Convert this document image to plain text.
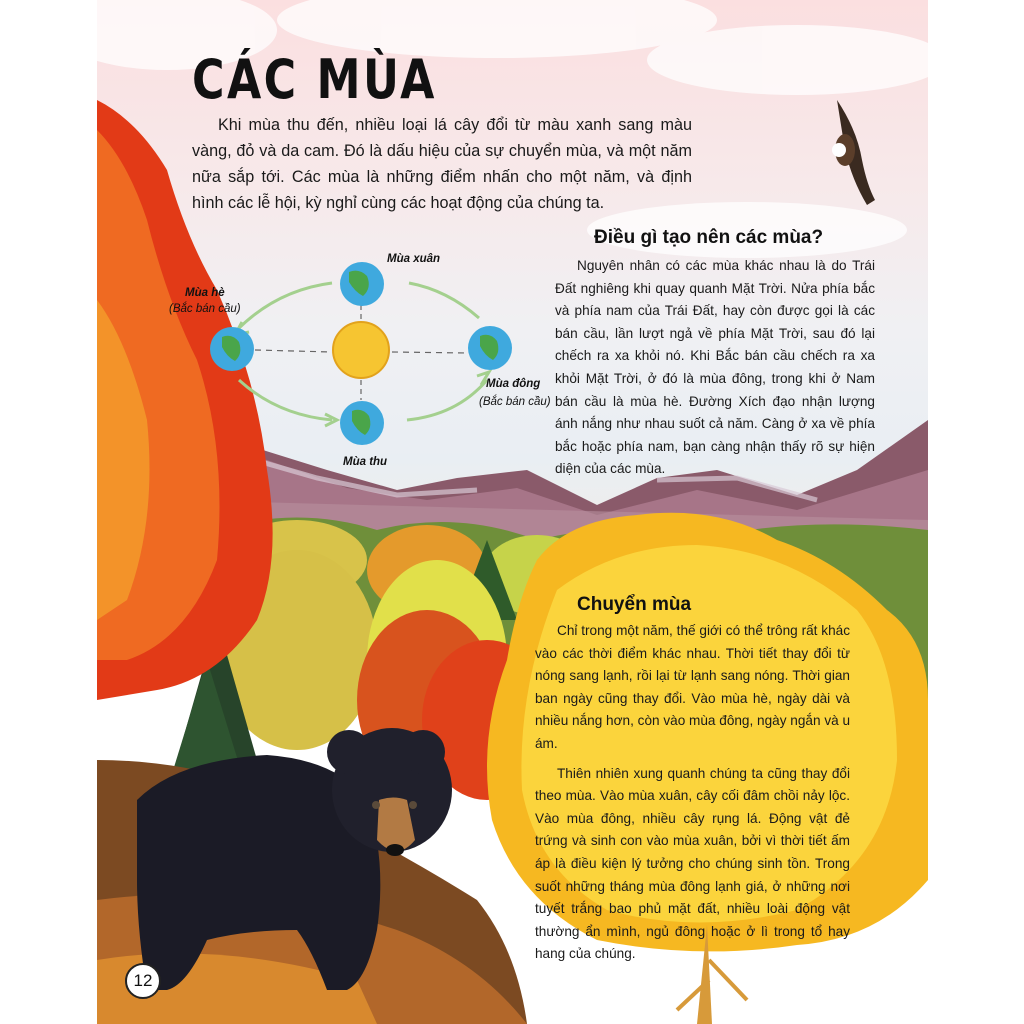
Mùa xuân
Mùa hè
(Bắc bán cầu)
Mùa đông
(Bắc bán cầu)
Mùa thu
CÁC MÙA

Khi mùa thu đến, nhiều loại lá cây đổi từ màu xanh sang màu vàng, đỏ và da cam. Đó là dấu hiệu của sự chuyển mùa, và một năm nữa sắp tới. Các mùa là những điểm nhấn cho một năm, và định hình các lễ hội, kỳ nghỉ cùng các hoạt động của chúng ta.

Điều gì tạo nên các mùa?

Nguyên nhân có các mùa khác nhau là do Trái Đất nghiêng khi quay quanh Mặt Trời. Nửa phía bắc và phía nam của Trái Đất, hay còn được gọi là các bán cầu, lần lượt ngả về phía Mặt Trời, sau đó lại chếch ra xa khỏi nó. Khi Bắc bán cầu chếch ra xa khỏi Mặt Trời, ở đó là mùa đông, trong khi ở Nam bán cầu là mùa hè. Đường Xích đạo nhận lượng ánh nắng như nhau suốt cả năm. Càng ở xa về phía bắc hoặc phía nam, bạn càng nhận thấy rõ sự hiện diện của các mùa.

Chuyển mùa

Chỉ trong một năm, thế giới có thể trông rất khác vào các thời điểm khác nhau. Thời tiết thay đổi từ nóng sang lạnh, rồi lại từ lạnh sang nóng. Thời gian ban ngày cũng thay đổi. Vào mùa hè, ngày dài và nhiều nắng hơn, còn vào mùa đông, ngày ngắn và u ám.

Thiên nhiên xung quanh chúng ta cũng thay đổi theo mùa. Vào mùa xuân, cây cối đâm chồi nảy lộc. Vào mùa đông, nhiều cây rụng lá. Động vật đẻ trứng và sinh con vào mùa xuân, bởi vì thời tiết ấm áp là điều kiện lý tưởng cho chúng sinh tồn. Trong suốt những tháng mùa đông lạnh giá, ở những nơi tuyết trắng bao phủ mặt đất, nhiều loài động vật thường ẩn mình, ngủ đông hoặc ở lì trong tổ hay hang của chúng.

12
